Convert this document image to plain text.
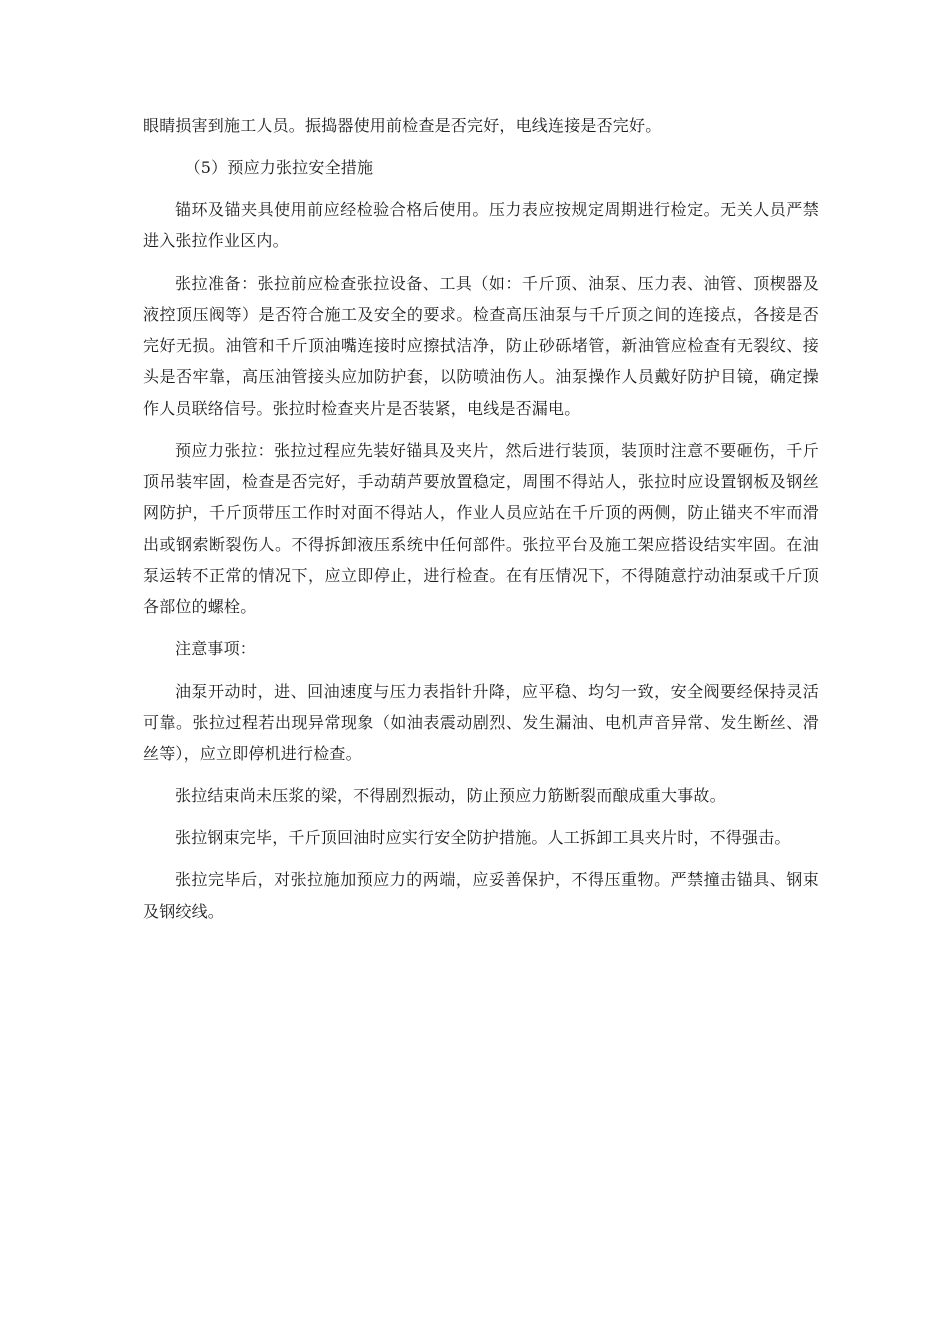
眼睛损害到施工人员。振捣器使用前检查是否完好，电线连接是否完好。

（5）预应力张拉安全措施

锚环及锚夹具使用前应经检验合格后使用。压力表应按规定周期进行检定。无关人员严禁进入张拉作业区内。

张拉准备：张拉前应检查张拉设备、工具（如：千斤顶、油泵、压力表、油管、顶楔器及液控顶压阀等）是否符合施工及安全的要求。检查高压油泵与千斤顶之间的连接点，各接是否完好无损。油管和千斤顶油嘴连接时应擦拭洁净，防止砂砾堵管，新油管应检查有无裂纹、接头是否牢靠，高压油管接头应加防护套，以防喷油伤人。油泵操作人员戴好防护目镜，确定操作人员联络信号。张拉时检查夹片是否装紧，电线是否漏电。

预应力张拉：张拉过程应先装好锚具及夹片，然后进行装顶，装顶时注意不要砸伤，千斤顶吊装牢固，检查是否完好，手动葫芦要放置稳定，周围不得站人，张拉时应设置钢板及钢丝网防护，千斤顶带压工作时对面不得站人，作业人员应站在千斤顶的两侧，防止锚夹不牢而滑出或钢索断裂伤人。不得拆卸液压系统中任何部件。张拉平台及施工架应搭设结实牢固。在油泵运转不正常的情况下，应立即停止，进行检查。在有压情况下，不得随意拧动油泵或千斤顶各部位的螺栓。

注意事项：

油泵开动时，进、回油速度与压力表指针升降，应平稳、均匀一致，安全阀要经保持灵活可靠。张拉过程若出现异常现象（如油表震动剧烈、发生漏油、电机声音异常、发生断丝、滑丝等），应立即停机进行检查。

张拉结束尚未压浆的梁，不得剧烈振动，防止预应力筋断裂而酿成重大事故。

张拉钢束完毕，千斤顶回油时应实行安全防护措施。人工拆卸工具夹片时，不得强击。

张拉完毕后，对张拉施加预应力的两端，应妥善保护，不得压重物。严禁撞击锚具、钢束及钢绞线。
